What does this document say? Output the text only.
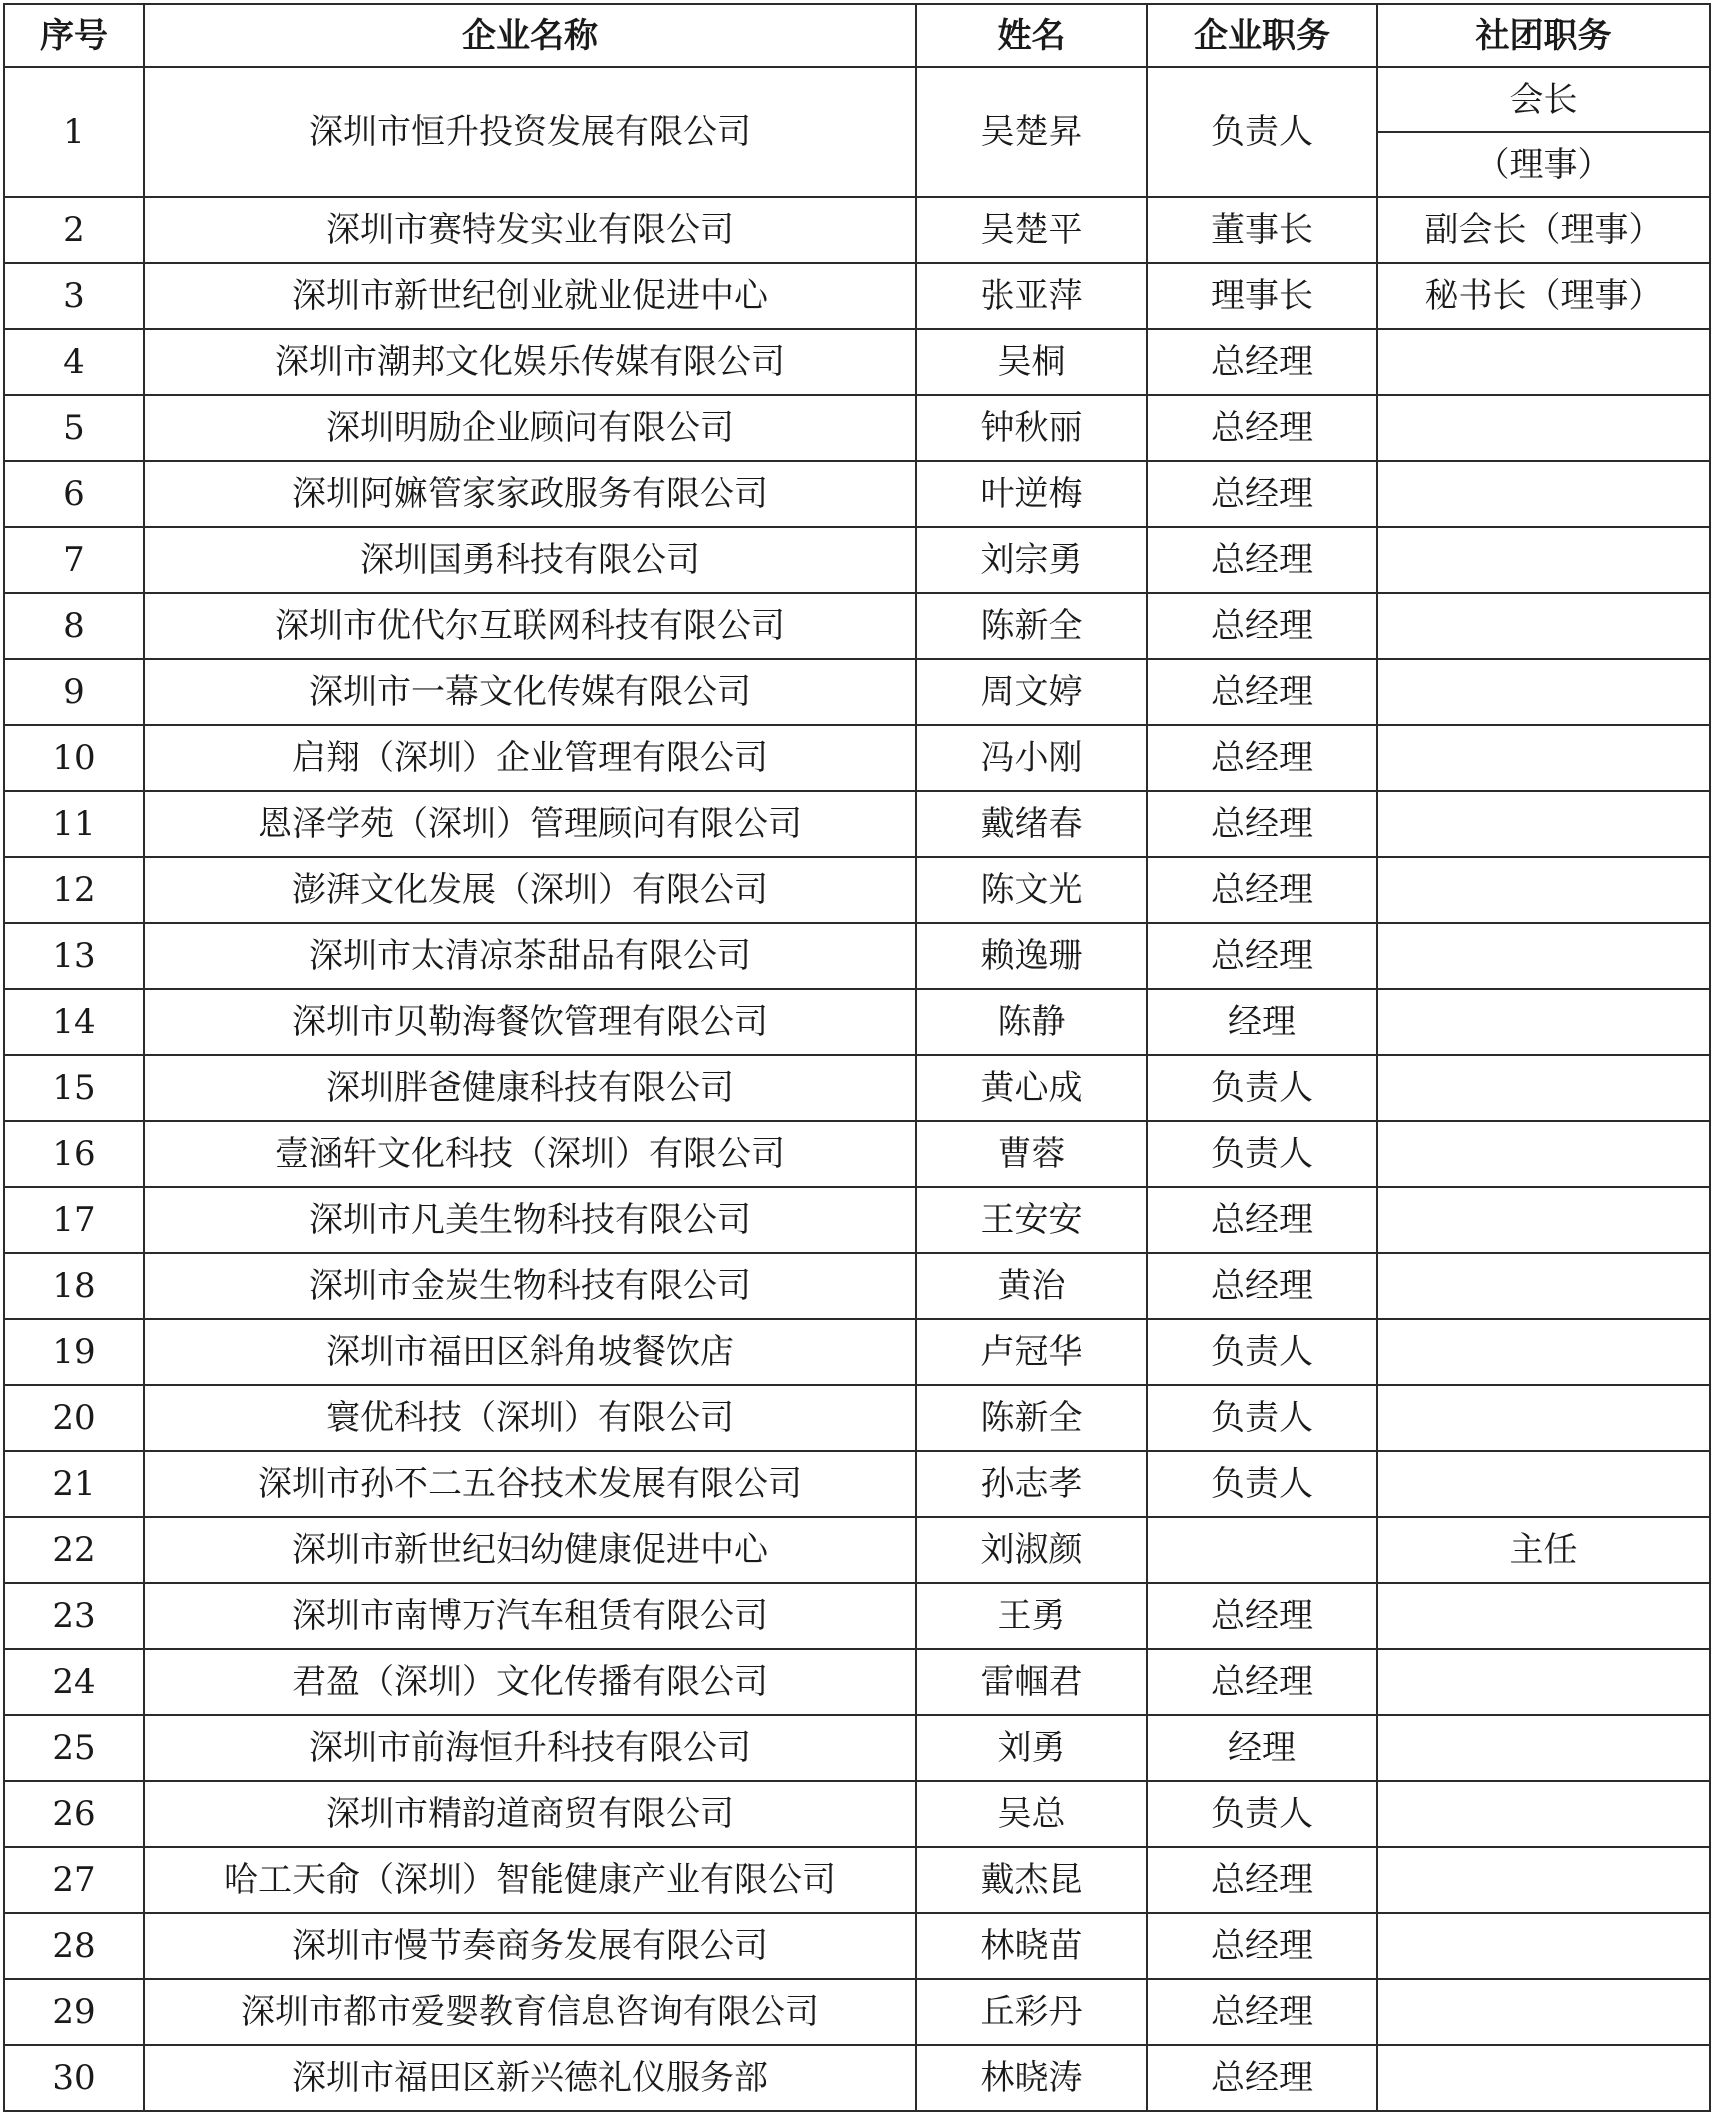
序号	企业名称	姓名	企业职务	社团职务
1	深圳市恒升投资发展有限公司	吴楚昇	负责人	会长
				（理事）
2	深圳市赛特发实业有限公司	吴楚平	董事长	副会长（理事）
3	深圳市新世纪创业就业促进中心	张亚萍	理事长	秘书长（理事）
4	深圳市潮邦文化娱乐传媒有限公司	吴桐	总经理	
5	深圳明励企业顾问有限公司	钟秋丽	总经理	
6	深圳阿嫲管家家政服务有限公司	叶逆梅	总经理	
7	深圳国勇科技有限公司	刘宗勇	总经理	
8	深圳市优代尔互联网科技有限公司	陈新全	总经理	
9	深圳市一幕文化传媒有限公司	周文婷	总经理	
10	启翔（深圳）企业管理有限公司	冯小刚	总经理	
11	恩泽学苑（深圳）管理顾问有限公司	戴绪春	总经理	
12	澎湃文化发展（深圳）有限公司	陈文光	总经理	
13	深圳市太清凉茶甜品有限公司	赖逸珊	总经理	
14	深圳市贝勒海餐饮管理有限公司	陈静	经理	
15	深圳胖爸健康科技有限公司	黄心成	负责人	
16	壹涵轩文化科技（深圳）有限公司	曹蓉	负责人	
17	深圳市凡美生物科技有限公司	王安安	总经理	
18	深圳市金炭生物科技有限公司	黄治	总经理	
19	深圳市福田区斜角坡餐饮店	卢冠华	负责人	
20	寰优科技（深圳）有限公司	陈新全	负责人	
21	深圳市孙不二五谷技术发展有限公司	孙志孝	负责人	
22	深圳市新世纪妇幼健康促进中心	刘淑颜		主任
23	深圳市南博万汽车租赁有限公司	王勇	总经理	
24	君盈（深圳）文化传播有限公司	雷帼君	总经理	
25	深圳市前海恒升科技有限公司	刘勇	经理	
26	深圳市精韵道商贸有限公司	吴总	负责人	
27	哈工天俞（深圳）智能健康产业有限公司	戴杰昆	总经理	
28	深圳市慢节奏商务发展有限公司	林晓苗	总经理	
29	深圳市都市爱婴教育信息咨询有限公司	丘彩丹	总经理	
30	深圳市福田区新兴德礼仪服务部	林晓涛	总经理	
